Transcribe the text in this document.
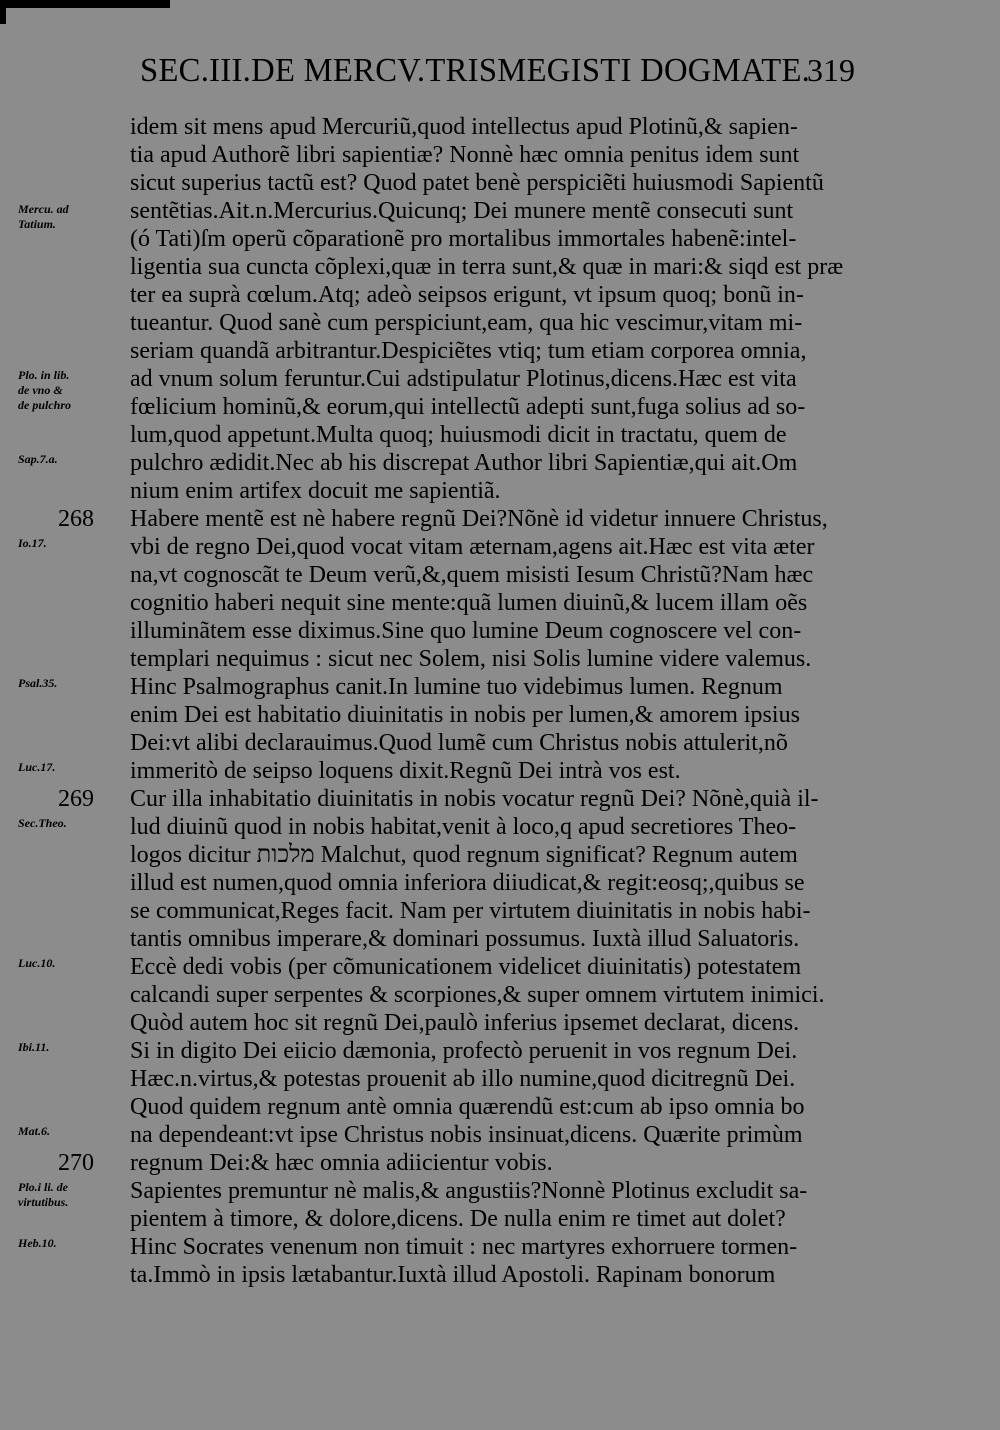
SEC.III.DE MERCV.TRISMEGISTI DOGMATE.
319
idem sit mens apud Mercuriũ,quod intellectus apud Plotinũ,& sapien-
tia apud Authorẽ libri sapientiæ? Nonnè hæc omnia penitus idem sunt
sicut superius tactũ est? Quod patet benè perspiciẽti huiusmodi Sapientũ
sentẽtias.Ait.n.Mercurius.Quicunq; Dei munere mentẽ consecuti sunt
(ó Tati)ſm operũ cõparationẽ pro mortalibus immortales habenẽ:intel-
ligentia sua cuncta cõplexi,quæ in terra sunt,& quæ in mari:& siqd est præ
ter ea suprà cœlum.Atq; adeò seipsos erigunt, vt ipsum quoq; bonũ in-
tueantur. Quod sanè cum perspiciunt,eam, qua hic vescimur,vitam mi-
seriam quandã arbitrantur.Despiciẽtes vtiq; tum etiam corporea omnia,
ad vnum solum feruntur.Cui adstipulatur Plotinus,dicens.Hæc est vita
fœlicium hominũ,& eorum,qui intellectũ adepti sunt,fuga solius ad so-
lum,quod appetunt.Multa quoq; huiusmodi dicit in tractatu, quem de
pulchro ædidit.Nec ab his discrepat Author libri Sapientiæ,qui ait.Om
nium enim artifex docuit me sapientiã.
Habere mentẽ est nè habere regnũ Dei?Nõnè id videtur innuere Christus,
vbi de regno Dei,quod vocat vitam æternam,agens ait.Hæc est vita æter
na,vt cognoscãt te Deum verũ,&,quem misisti Iesum Christũ?Nam hæc
cognitio haberi nequit sine mente:quã lumen diuinũ,& lucem illam oẽs
illuminãtem esse diximus.Sine quo lumine Deum cognoscere vel con-
templari nequimus : sicut nec Solem, nisi Solis lumine videre valemus.
Hinc Psalmographus canit.In lumine tuo videbimus lumen. Regnum
enim Dei est habitatio diuinitatis in nobis per lumen,& amorem ipsius
Dei:vt alibi declarauimus.Quod lumẽ cum Christus nobis attulerit,nõ
immeritò de seipso loquens dixit.Regnũ Dei intrà vos est.
Cur illa inhabitatio diuinitatis in nobis vocatur regnũ Dei? Nõnè,quià il-
lud diuinũ quod in nobis habitat,venit à loco,q apud secretiores Theo-
logos dicitur מלכות Malchut, quod regnum significat? Regnum autem
illud est numen,quod omnia inferiora diiudicat,& regit:eosq;,quibus se
se communicat,Reges facit. Nam per virtutem diuinitatis in nobis habi-
tantis omnibus imperare,& dominari possumus. Iuxtà illud Saluatoris.
Eccè dedi vobis (per cõmunicationem videlicet diuinitatis) potestatem
calcandi super serpentes & scorpiones,& super omnem virtutem inimici.
Quòd autem hoc sit regnũ Dei,paulò inferius ipsemet declarat, dicens.
Si in digito Dei eiicio dæmonia, profectò peruenit in vos regnum Dei.
Hæc.n.virtus,& potestas prouenit ab illo numine,quod dicitregnũ Dei.
Quod quidem regnum antè omnia quærendũ est:cum ab ipso omnia bo
na dependeant:vt ipse Christus nobis insinuat,dicens. Quærite primùm
regnum Dei:& hæc omnia adiicientur vobis.
Sapientes premuntur nè malis,& angustiis?Nonnè Plotinus excludit sa-
pientem à timore, & dolore,dicens. De nulla enim re timet aut dolet?
Hinc Socrates venenum non timuit : nec martyres exhorruere tormen-
ta.Immò in ipsis lætabantur.Iuxtà illud Apostoli. Rapinam bonorum
268
269
270
Mercu. ad
Tatium.
Plo. in lib.
de vno &
de pulchro
Sap.7.a.
Io.17.
Psal.35.
Luc.17.
Sec.Theo.
Luc.10.
Ibi.11.
Mat.6.
Plo.i li. de
virtutibus.
Heb.10.
